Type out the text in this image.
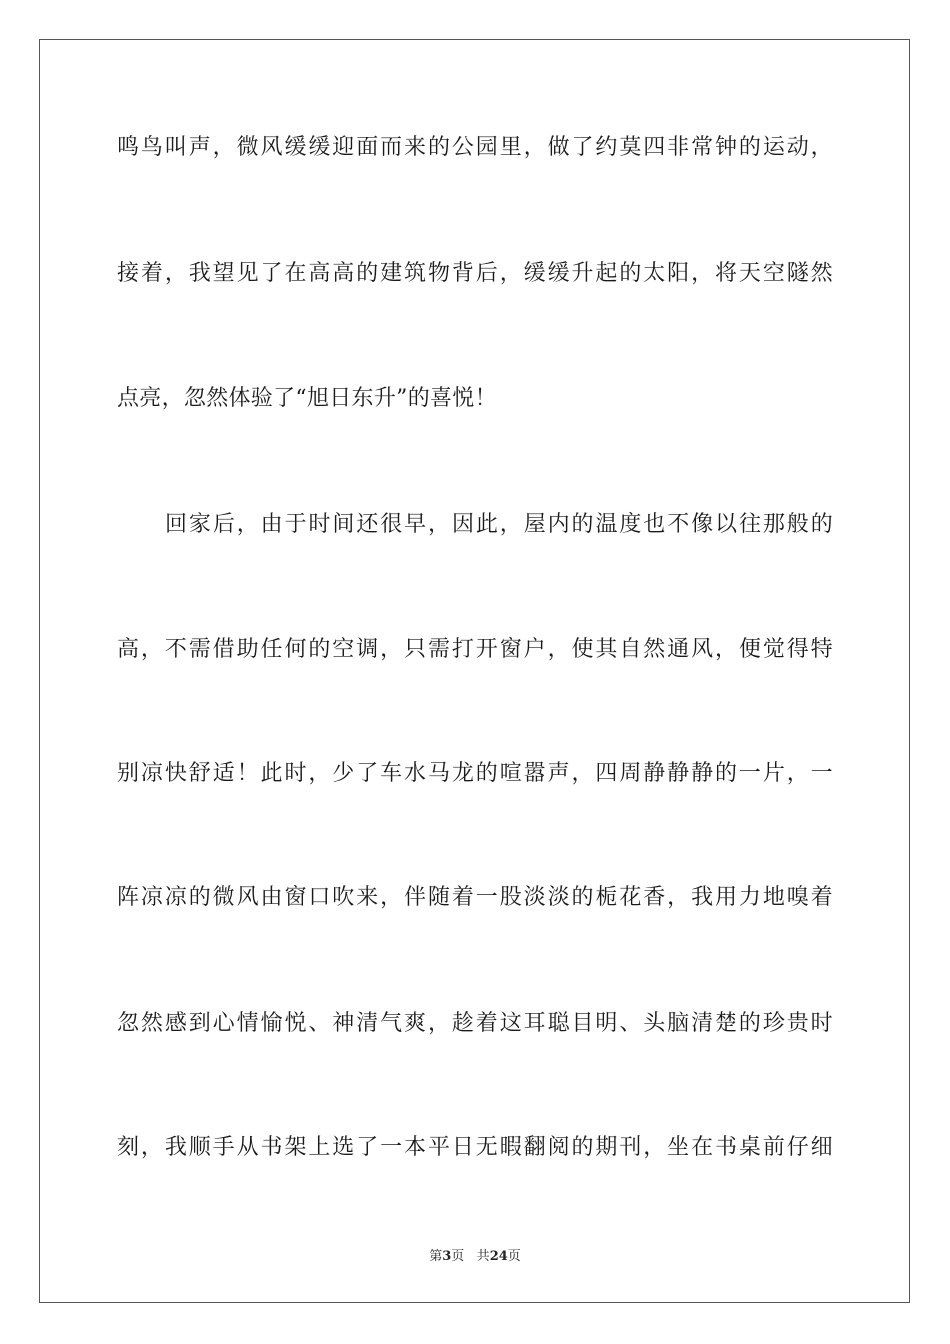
鸣鸟叫声，微风缓缓迎面而来的公园里，做了约莫四非常钟的运动，
接着，我望见了在高高的建筑物背后，缓缓升起的太阳，将天空隧然
点亮，忽然体验了“旭日东升”的喜悦！
回家后，由于时间还很早，因此，屋内的温度也不像以往那般的
高，不需借助任何的空调，只需打开窗户，使其自然通风，便觉得特
别凉快舒适！此时，少了车水马龙的喧嚣声，四周静静静的一片，一
阵凉凉的微风由窗口吹来，伴随着一股淡淡的栀花香，我用力地嗅着
忽然感到心情愉悦、神清气爽，趁着这耳聪目明、头脑清楚的珍贵时
刻，我顺手从书架上选了一本平日无暇翻阅的期刊，坐在书桌前仔细
第3页 共24页
